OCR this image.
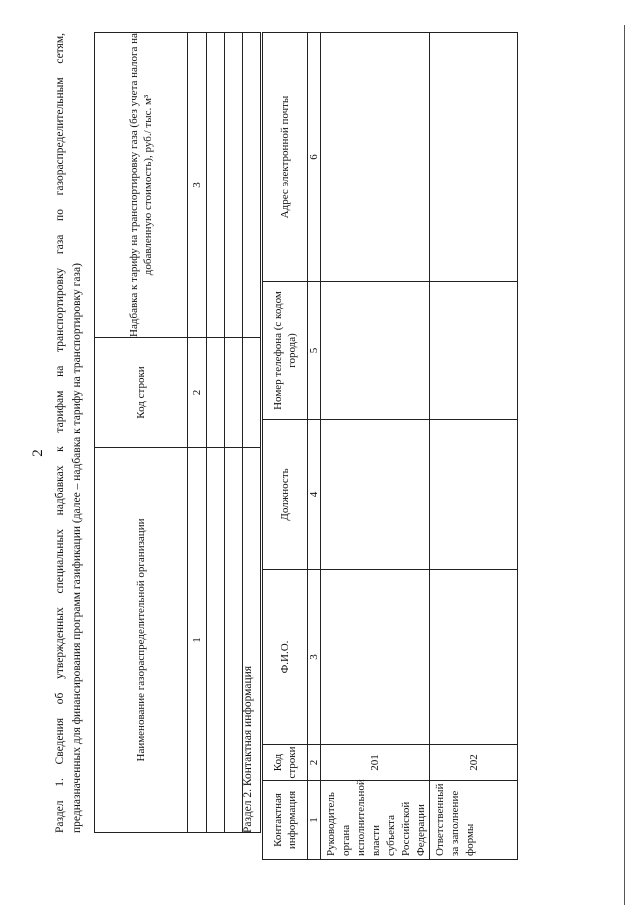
2 Раздел 1. Сведения об утвержденных специальных надбавках к тарифам на транспортировку газа по газораспределительным сетям, предназначенных для финансирования программ газификации (далее – надбавка к тарифу на транспортировку газа)	Наименование газораспределительной организации	Код строки	Надбавка к тарифу на транспортировку газа (без учета налога на добавленную стоимость), руб./ тыс. м³
1	2	3

Раздел 2. Контактная информация Контактная информация	Код строки	Ф.И.О.	Должность	Номер телефона (с кодом города)	Адрес электронной почты
1	2	3	4	5	6
Руководитель органа исполнительной власти субъекта Российской Федерации	201				
Ответственный за заполнение формы	202				
